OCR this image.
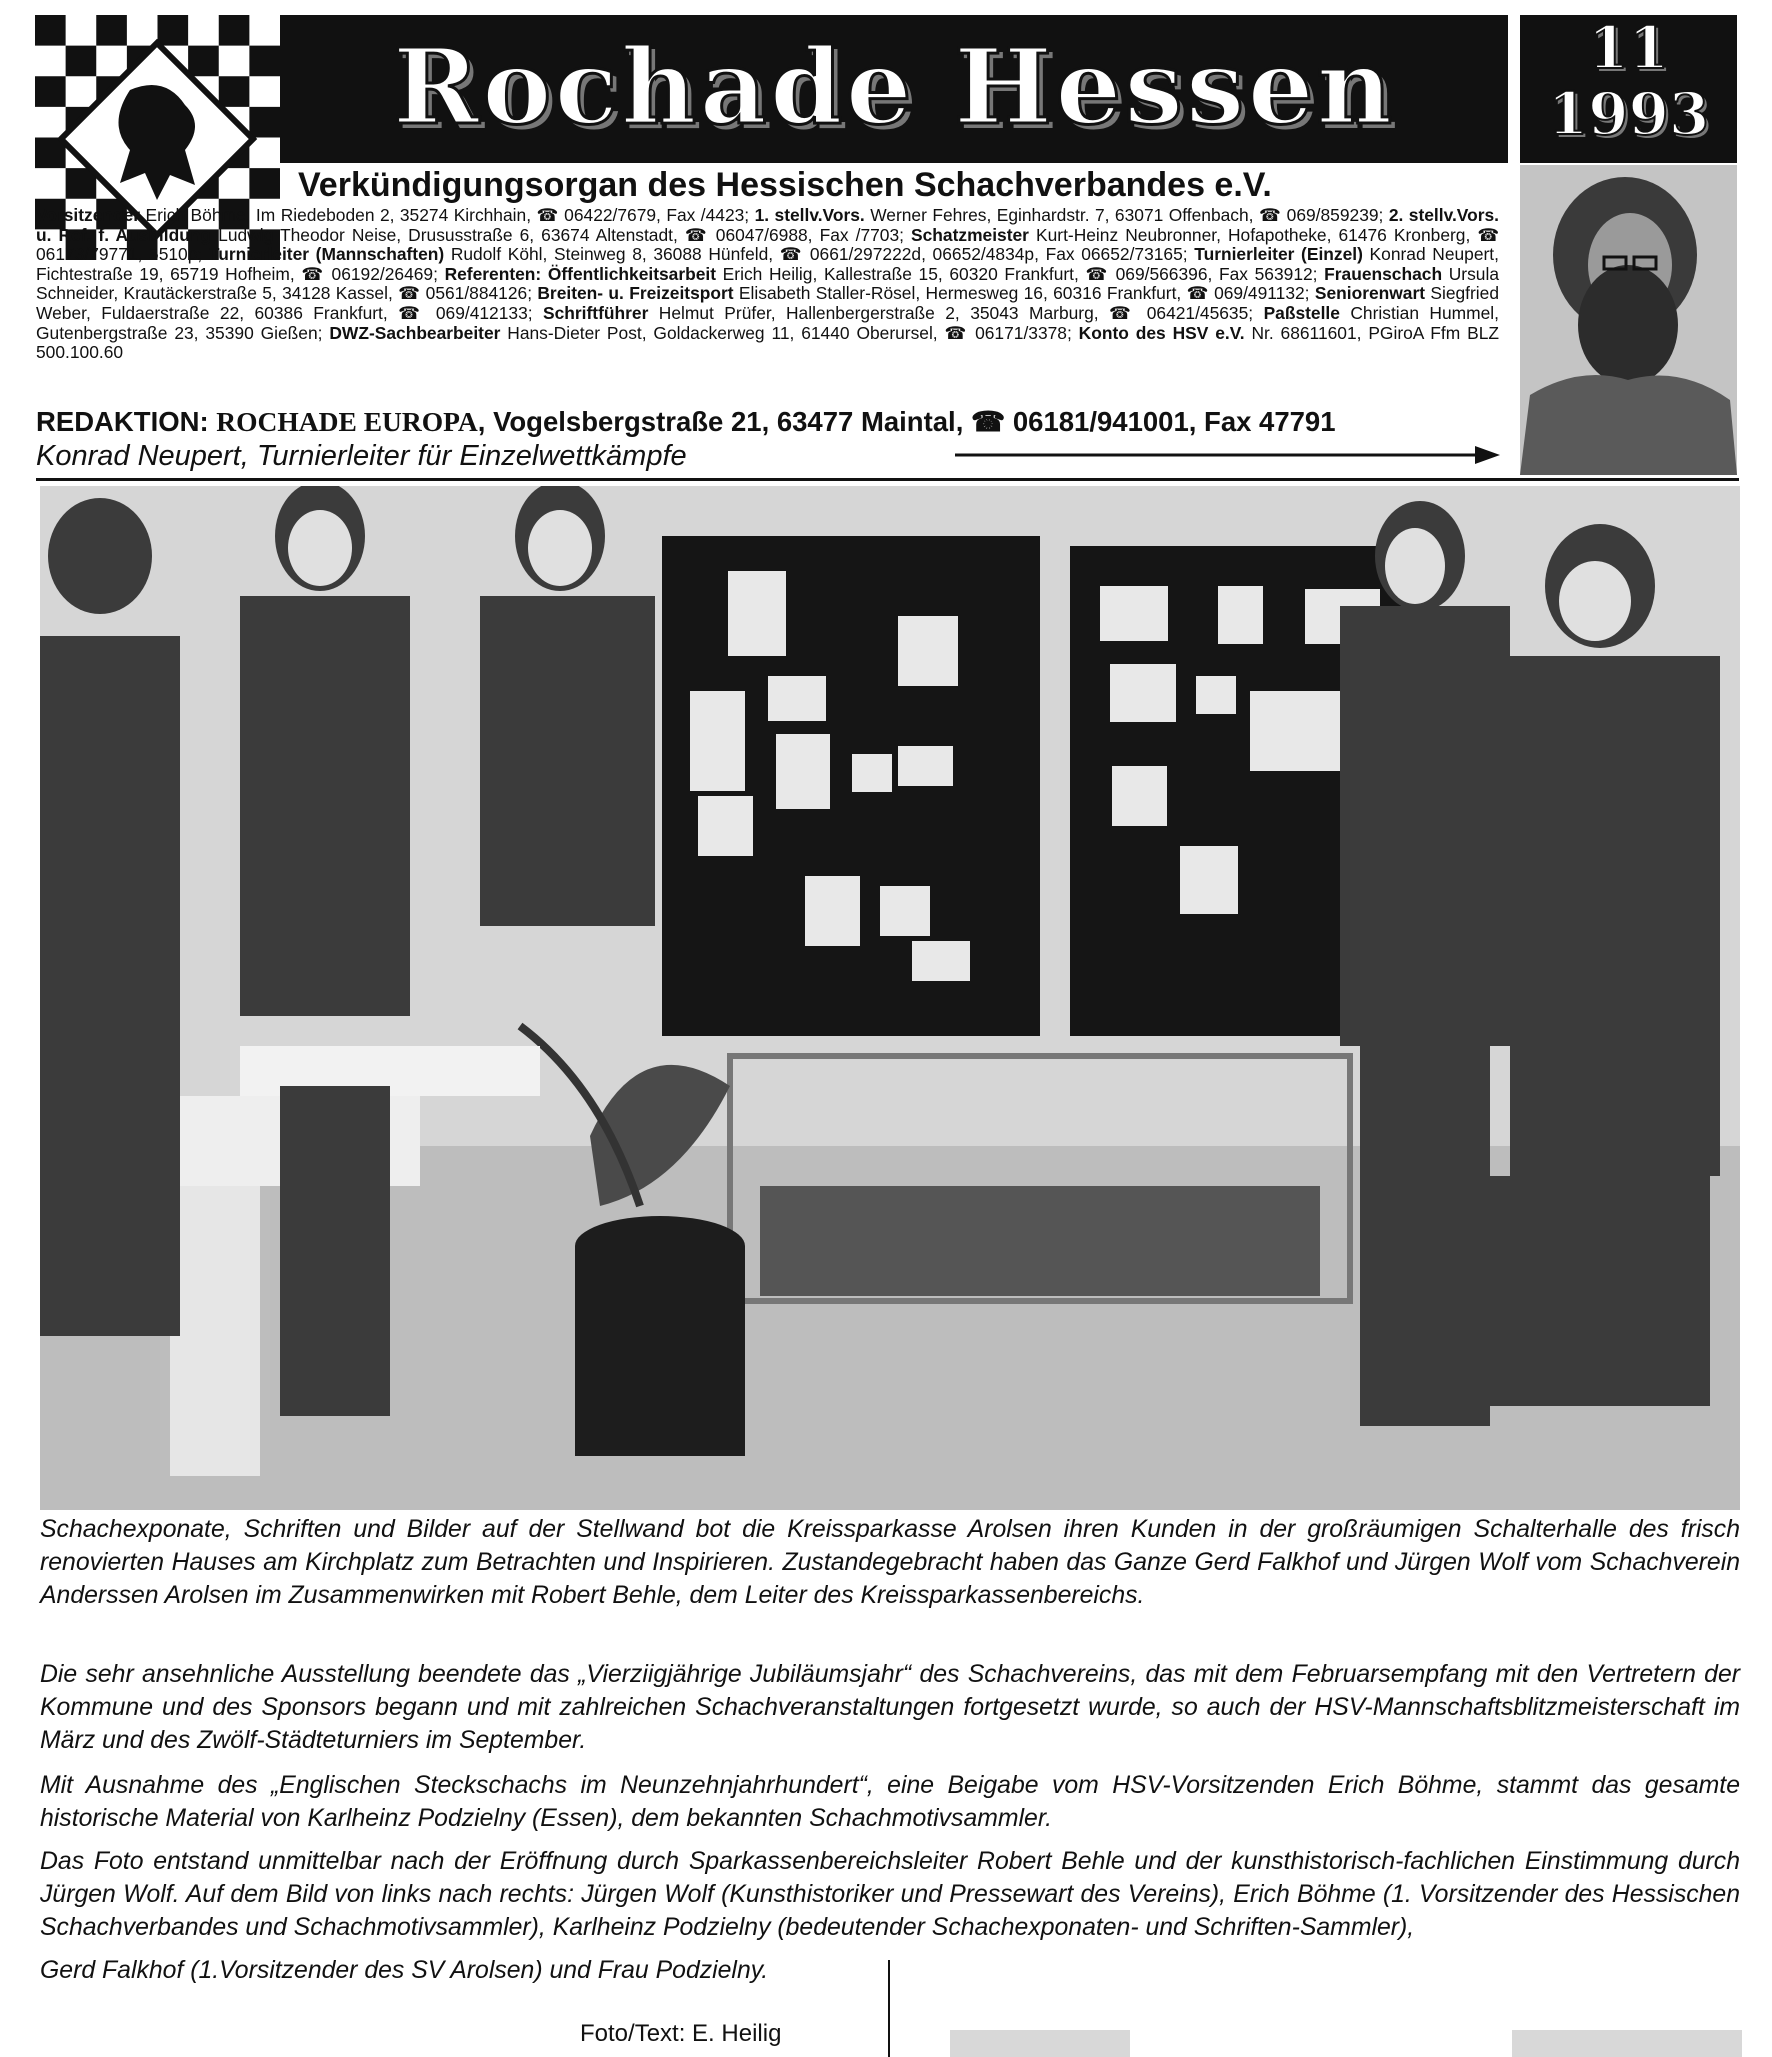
Rochade Hessen	11
1993
Verkündigungsorgan des Hessischen Schachverbandes e.V.
Vorsitzender Erich Böhme, Im Riedeboden 2, 35274 Kirchhain, ☎ 06422/7679, Fax /4423; 1. stellv.Vors. Werner Fehres, Eginhardstr. 7, 63071 Offenbach, ☎ 069/859239; 2. stellv.Vors. u. Ref. f. Ausbildung Ludwig Theodor Neise, Drususstraße 6, 63674 Altenstadt, ☎ 06047/6988, Fax /7703; Schatzmeister Kurt-Heinz Neubronner, Hofapotheke, 61476 Kronberg, ☎ 06173/79771, 5510p; Turnierleiter (Mannschaften) Rudolf Köhl, Steinweg 8, 36088 Hünfeld, ☎ 0661/297222d, 06652/4834p, Fax 06652/73165; Turnierleiter (Einzel) Konrad Neupert, Fichtestraße 19, 65719 Hofheim, ☎ 06192/26469; Referenten: Öffentlichkeitsarbeit Erich Heilig, Kallestraße 15, 60320 Frankfurt, ☎ 069/566396, Fax 563912; Frauenschach Ursula Schneider, Krautäckerstraße 5, 34128 Kassel, ☎ 0561/884126; Breiten- u. Freizeitsport Elisabeth Staller-Rösel, Hermesweg 16, 60316 Frankfurt, ☎ 069/491132; Seniorenwart Siegfried Weber, Fuldaerstraße 22, 60386 Frankfurt, ☎ 069/412133; Schriftführer Helmut Prüfer, Hallenbergerstraße 2, 35043 Marburg, ☎ 06421/45635; Paßstelle Christian Hummel, Gutenbergstraße 23, 35390 Gießen; DWZ-Sachbearbeiter Hans-Dieter Post, Goldackerweg 11, 61440 Oberursel, ☎ 06171/3378; Konto des HSV e.V. Nr. 68611601, PGiroA Ffm BLZ 500.100.60
REDAKTION: ROCHADE EUROPA, Vogelsbergstraße 21, 63477 Maintal, ☎ 06181/941001, Fax 47791
Konrad Neupert, Turnierleiter für Einzelwettkämpfe
Schachexponate, Schriften und Bilder auf der Stellwand bot die Kreissparkasse Arolsen ihren Kunden in der großräumigen Schalterhalle des frisch renovierten Hauses am Kirchplatz zum Betrachten und Inspirieren. Zustandegebracht haben das Ganze Gerd Falkhof und Jürgen Wolf vom Schachverein Anderssen Arolsen im Zusammenwirken mit Robert Behle, dem Leiter des Kreissparkassenbereichs.
Die sehr ansehnliche Ausstellung beendete das „Vierziigjährige Jubiläumsjahr“ des Schachvereins, das mit dem Februarsempfang mit den Vertretern der Kommune und des Sponsors begann und mit zahlreichen Schachveranstaltungen fortgesetzt wurde, so auch der HSV-Mannschaftsblitzmeisterschaft im März und des Zwölf-Städteturniers im September.
Mit Ausnahme des „Englischen Steckschachs im Neunzehnjahrhundert“, eine Beigabe vom HSV-Vorsitzenden Erich Böhme, stammt das gesamte historische Material von Karlheinz Podzielny (Essen), dem bekannten Schachmotivsammler.
Das Foto entstand unmittelbar nach der Eröffnung durch Sparkassenbereichsleiter Robert Behle und der kunsthistorisch-fachlichen Einstimmung durch Jürgen Wolf. Auf dem Bild von links nach rechts: Jürgen Wolf (Kunsthistoriker und Pressewart des Vereins), Erich Böhme (1. Vorsitzender des Hessischen Schachverbandes und Schachmotivsammler), Karlheinz Podzielny (bedeutender Schachexponaten- und Schriften-Sammler),
Gerd Falkhof (1.Vorsitzender des SV Arolsen) und Frau Podzielny.
Foto/Text: E. Heilig
